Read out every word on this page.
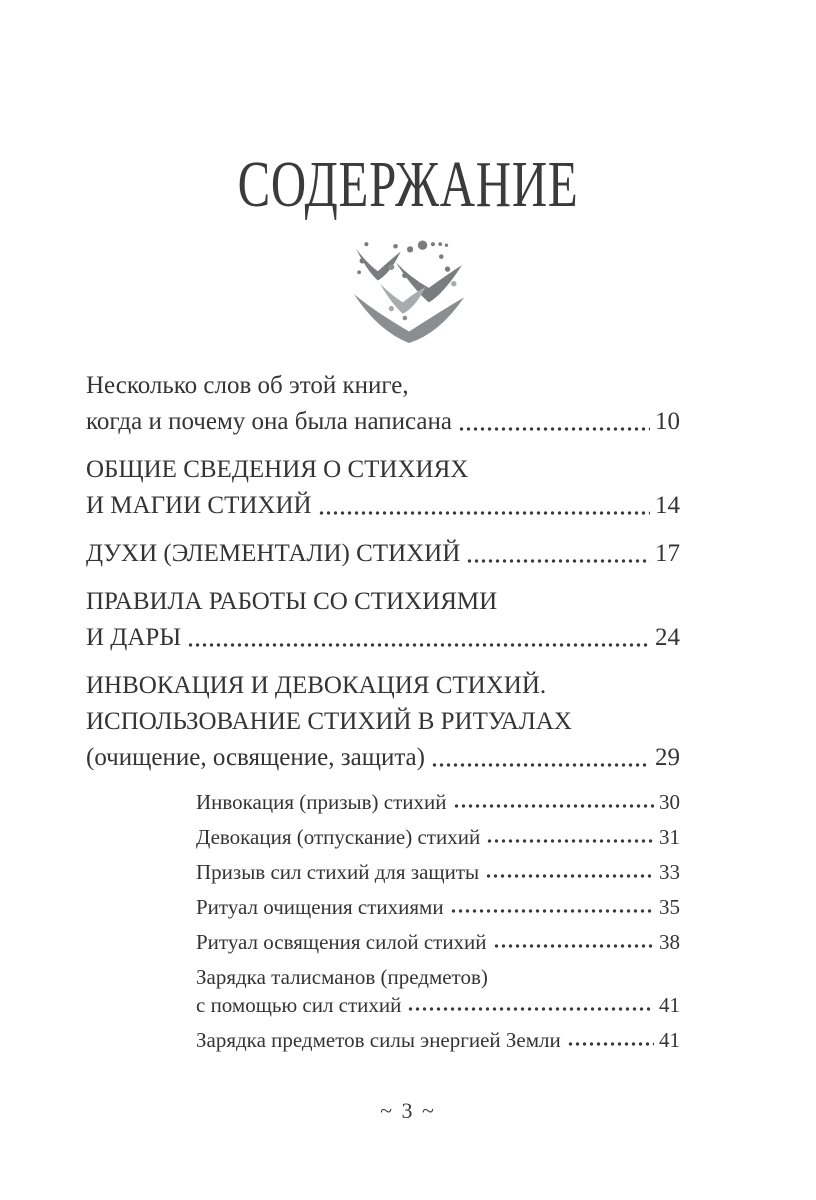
СОДЕРЖАНИЕ
Несколько слов об этой книге,
когда и почему она была написана	10
ОБЩИЕ СВЕДЕНИЯ О СТИХИЯХ
И МАГИИ СТИХИЙ	14
ДУХИ (ЭЛЕМЕНТАЛИ) СТИХИЙ	17
ПРАВИЛА РАБОТЫ СО СТИХИЯМИ
И ДАРЫ	24
ИНВОКАЦИЯ И ДЕВОКАЦИЯ СТИХИЙ.
ИСПОЛЬЗОВАНИЕ СТИХИЙ В РИТУАЛАХ
(очищение, освящение, защита)	29
Инвокация (призыв) стихий	30
Девокация (отпускание) стихий	31
Призыв сил стихий для защиты	33
Ритуал очищения стихиями	35
Ритуал освящения силой стихий	38
Зарядка талисманов (предметов)
с помощью сил стихий	41
Зарядка предметов силы энергией Земли	41
~ 3 ~
